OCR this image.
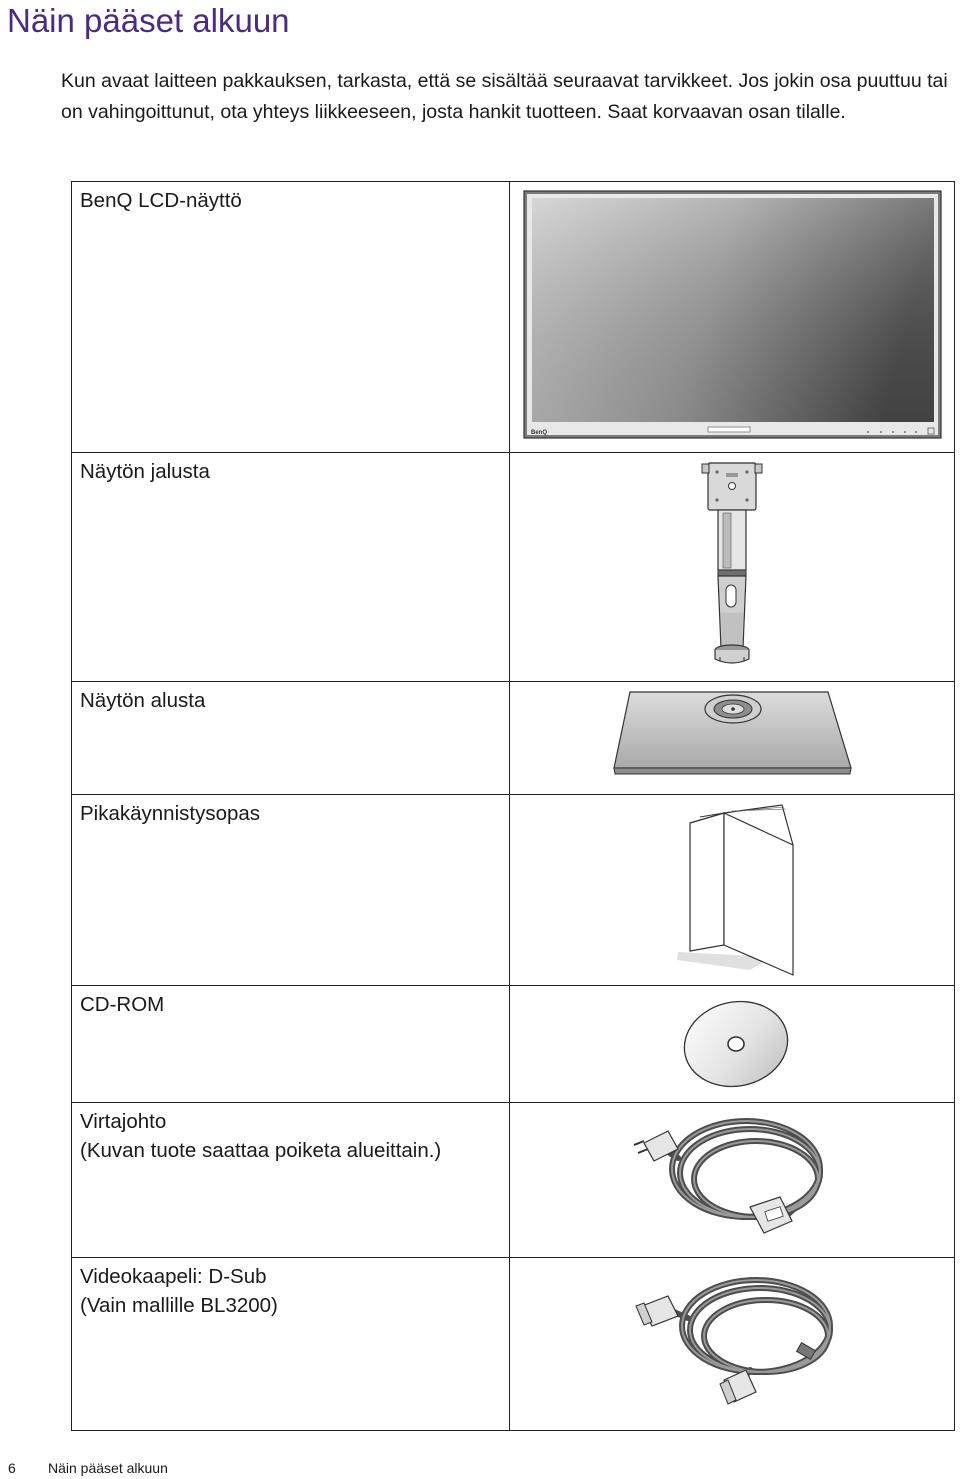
Näin pääset alkuun

Kun avaat laitteen pakkauksen, tarkasta, että se sisältää seuraavat tarvikkeet. Jos jokin osa puuttuu tai on vahingoittunut, ota yhteys liikkeeseen, josta hankit tuotteen. Saat korvaavan osan tilalle.

BenQ LCD-näyttö	BenQ

Näytön jalusta

Näytön alusta

Pikakäynnistysopas

CD-ROM

Virtajohto
(Kuvan tuote saattaa poiketa alueittain.)

Videokaapeli: D-Sub
(Vain mallille BL3200)

6 Näin pääset alkuun
